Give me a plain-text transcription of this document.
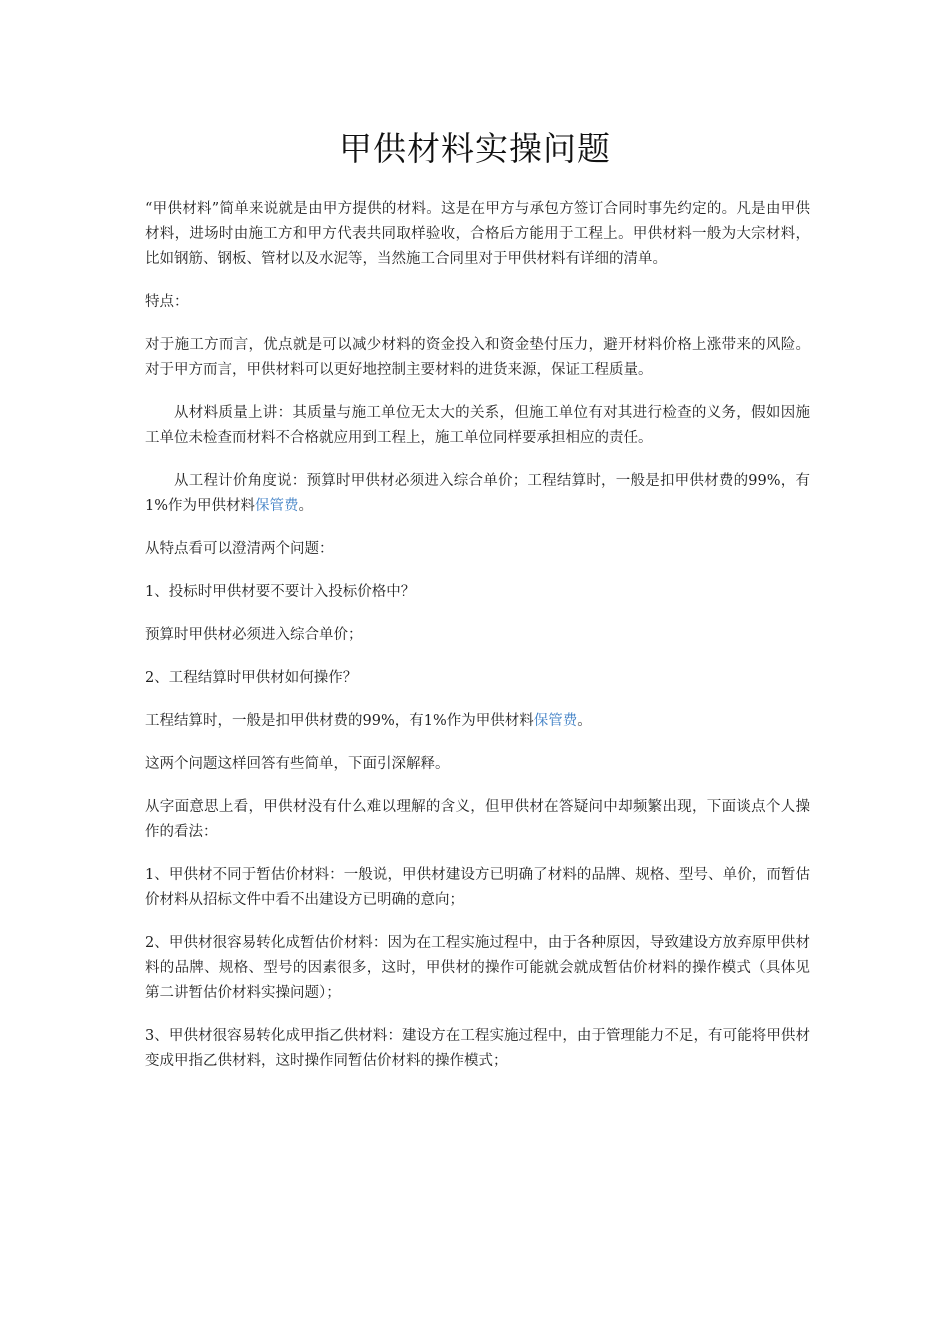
甲供材料实操问题

“甲供材料”简单来说就是由甲方提供的材料。这是在甲方与承包方签订合同时事先约定的。凡是由甲供材料，进场时由施工方和甲方代表共同取样验收，合格后方能用于工程上。甲供材料一般为大宗材料，比如钢筋、钢板、管材以及水泥等，当然施工合同里对于甲供材料有详细的清单。

特点：

对于施工方而言，优点就是可以减少材料的资金投入和资金垫付压力，避开材料价格上涨带来的风险。对于甲方而言，甲供材料可以更好地控制主要材料的进货来源，保证工程质量。

从材料质量上讲：其质量与施工单位无太大的关系，但施工单位有对其进行检查的义务，假如因施工单位未检查而材料不合格就应用到工程上，施工单位同样要承担相应的责任。

从工程计价角度说：预算时甲供材必须进入综合单价；工程结算时，一般是扣甲供材费的99%，有1%作为甲供材料保管费。

从特点看可以澄清两个问题：

1、投标时甲供材要不要计入投标价格中？

预算时甲供材必须进入综合单价；

2、工程结算时甲供材如何操作？

工程结算时，一般是扣甲供材费的99%，有1%作为甲供材料保管费。

这两个问题这样回答有些简单，下面引深解释。

从字面意思上看，甲供材没有什么难以理解的含义，但甲供材在答疑问中却频繁出现，下面谈点个人操作的看法：

1、甲供材不同于暂估价材料：一般说，甲供材建设方已明确了材料的品牌、规格、型号、单价，而暂估价材料从招标文件中看不出建设方已明确的意向；

2、甲供材很容易转化成暂估价材料：因为在工程实施过程中，由于各种原因，导致建设方放弃原甲供材料的品牌、规格、型号的因素很多，这时，甲供材的操作可能就会就成暂估价材料的操作模式（具体见第二讲暂估价材料实操问题）；

3、甲供材很容易转化成甲指乙供材料：建设方在工程实施过程中，由于管理能力不足，有可能将甲供材变成甲指乙供材料，这时操作同暂估价材料的操作模式；
